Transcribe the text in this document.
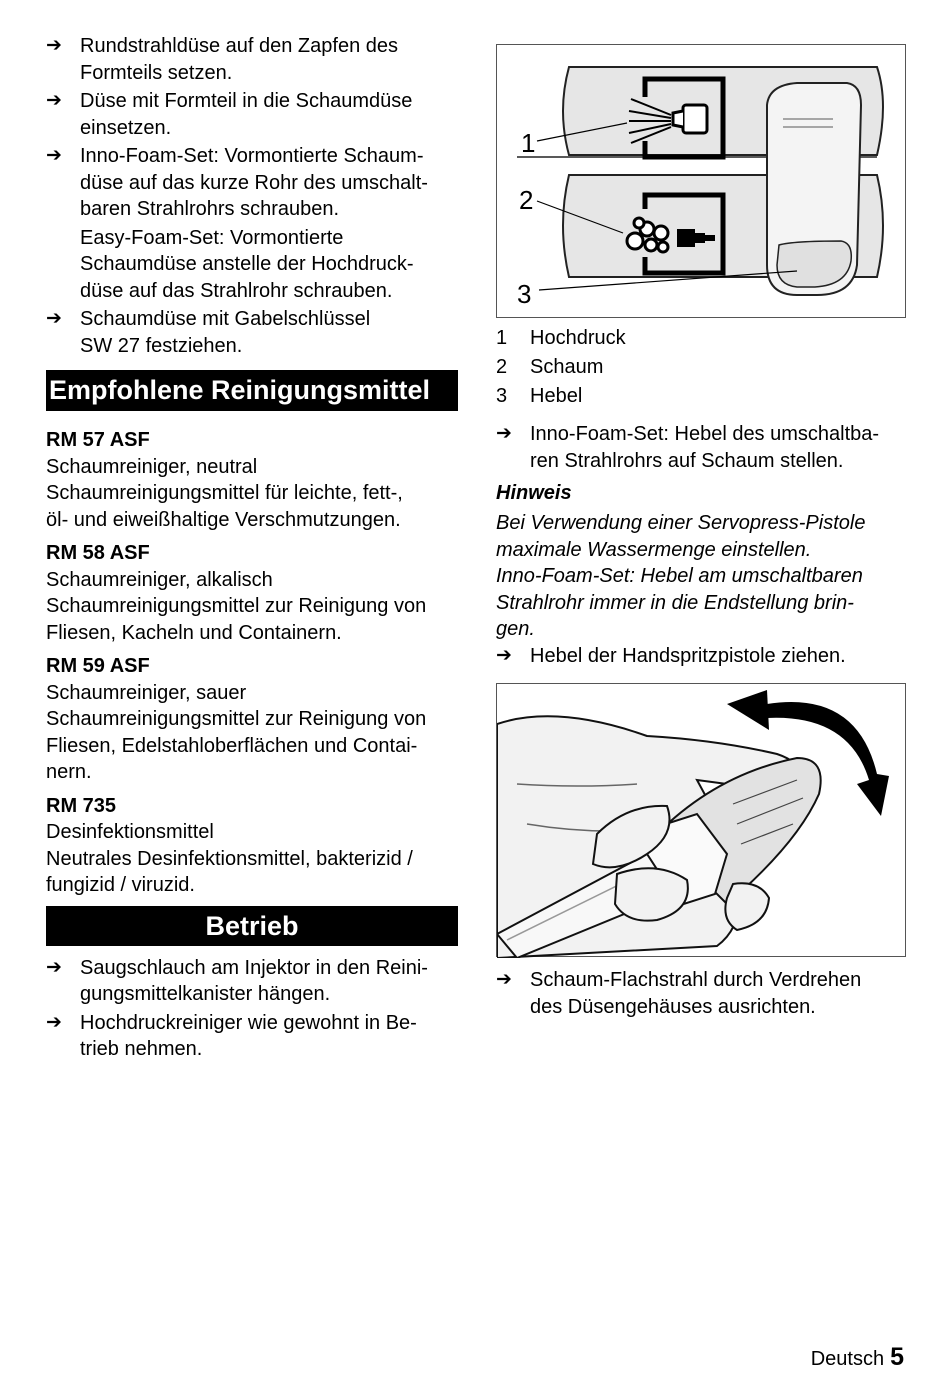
➔ Rundstrahldüse auf den Zapfen des
Formteils setzen.
➔ Düse mit Formteil in die Schaumdüse
einsetzen.
➔ Inno-Foam-Set: Vormontierte Schaum-
düse auf das kurze Rohr des umschalt-
baren Strahlrohrs schrauben.
Easy-Foam-Set: Vormontierte Schaumdüse anstelle der Hochdruck- düse auf das Strahlrohr schrauben.
➔ Schaumdüse mit Gabelschlüssel
SW 27 festziehen.
Empfohlene Reinigungsmittel
RM 57 ASF
Schaumreiniger, neutral
Schaumreinigungsmittel für leichte, fett-,
öl- und eiweißhaltige Verschmutzungen.
RM 58 ASF
Schaumreiniger, alkalisch
Schaumreinigungsmittel zur Reinigung von
Fliesen, Kacheln und Containern.
RM 59 ASF
Schaumreiniger, sauer
Schaumreinigungsmittel zur Reinigung von
Fliesen, Edelstahloberflächen und Contai-
nern.
RM 735
Desinfektionsmittel
Neutrales Desinfektionsmittel, bakterizid /
fungizid / viruzid.
Betrieb
➔ Saugschlauch am Injektor in den Reini-
gungsmittelkanister hängen.
➔ Hochdruckreiniger wie gewohnt in Be-
trieb nehmen.
1
2
3
1 Hochdruck
2 Schaum
3 Hebel
➔ Inno-Foam-Set: Hebel des umschaltba-
ren Strahlrohrs auf Schaum stellen.
Hinweis
Bei Verwendung einer Servopress-Pistole
maximale Wassermenge einstellen.
Inno-Foam-Set: Hebel am umschaltbaren
Strahlrohr immer in die Endstellung brin-
gen.
➔ Hebel der Handspritzpistole ziehen.
➔ Schaum-Flachstrahl durch Verdrehen
des Düsengehäuses ausrichten.
Deutsch 5
